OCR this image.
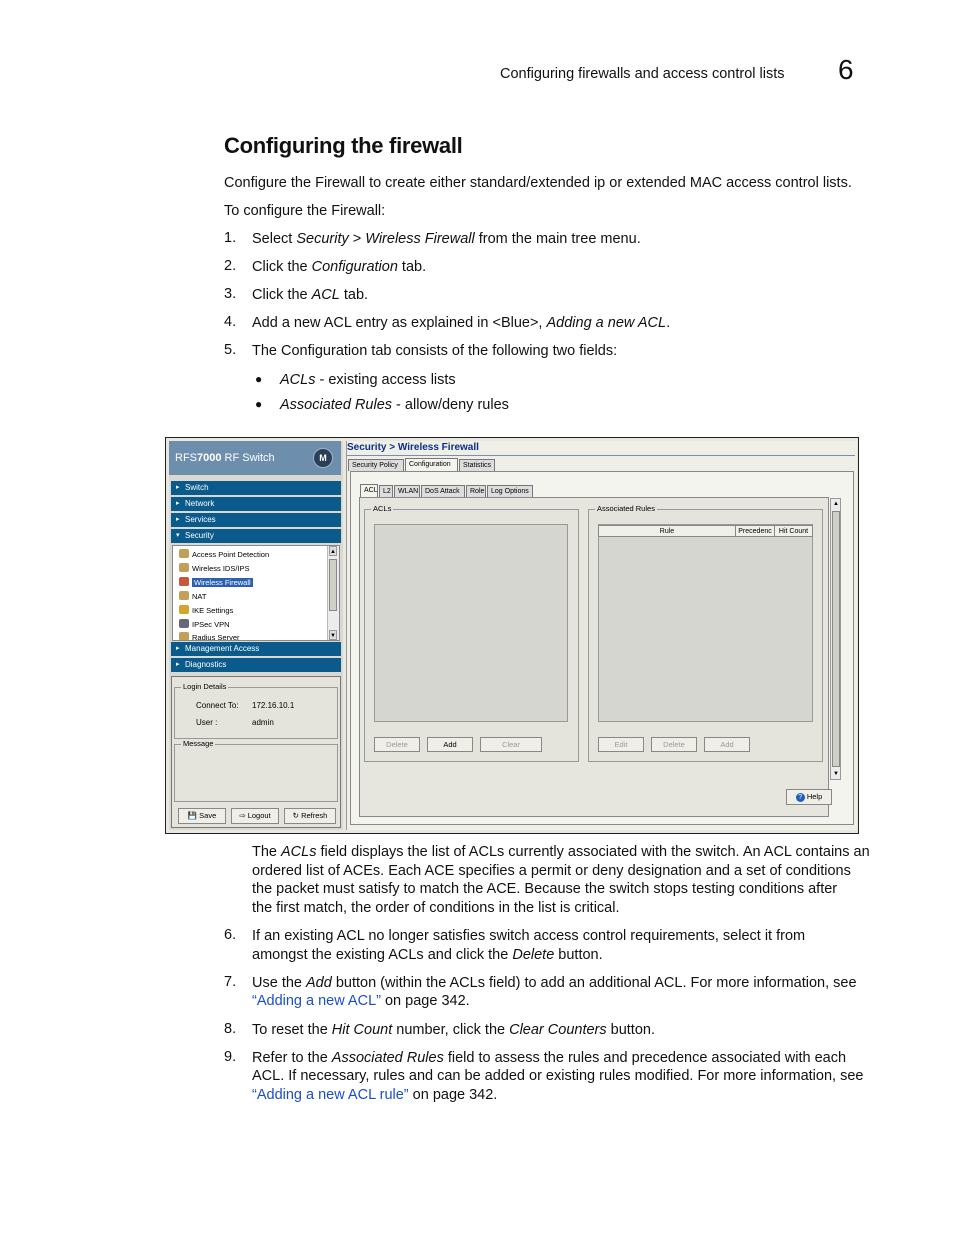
Configuring firewalls and access control lists 6
Configuring the firewall
Configure the Firewall to create either standard/extended ip or extended MAC access control lists.
To configure the Firewall:
1. Select Security > Wireless Firewall from the main tree menu.
2. Click the Configuration tab.
3. Click the ACL tab.
4. Add a new ACL entry as explained in <Blue>, Adding a new ACL.
5. The Configuration tab consists of the following two fields:
● ACLs - existing access lists
● Associated Rules - allow/deny rules
RFS7000 RF Switch	M
▸ Switch
▸ Network
▸ Services
▾ Security
Access Point Detection
Wireless IDS/IPS
Wireless Firewall
NAT
IKE Settings
IPSec VPN
Radius Server
▲
▼
▸ Management Access
▸ Diagnostics
Login Details
Connect To: 172.16.10.1
User :	admin
Message
💾 Save	⇨ Logout	↻ Refresh
Security > Wireless Firewall
Security Policy	Configuration	Statistics
ACL L2	WLAN DoS Attack	Role Log Options
ACLs
Delete	Add	Clear
Associated Rules
Rule	Precedenc	Hit Count
Edit	Delete	Add
▲
▼
? Help
The ACLs field displays the list of ACLs currently associated with the switch. An ACL contains an
ordered list of ACEs. Each ACE specifies a permit or deny designation and a set of conditions
the packet must satisfy to match the ACE. Because the switch stops testing conditions after
the first match, the order of conditions in the list is critical.
6. If an existing ACL no longer satisfies switch access control requirements, select it from
amongst the existing ACLs and click the Delete button.
7. Use the Add button (within the ACLs field) to add an additional ACL. For more information, see
“Adding a new ACL” on page 342.
8. To reset the Hit Count number, click the Clear Counters button.
9. Refer to the Associated Rules field to assess the rules and precedence associated with each
ACL. If necessary, rules and can be added or existing rules modified. For more information, see
“Adding a new ACL rule” on page 342.
